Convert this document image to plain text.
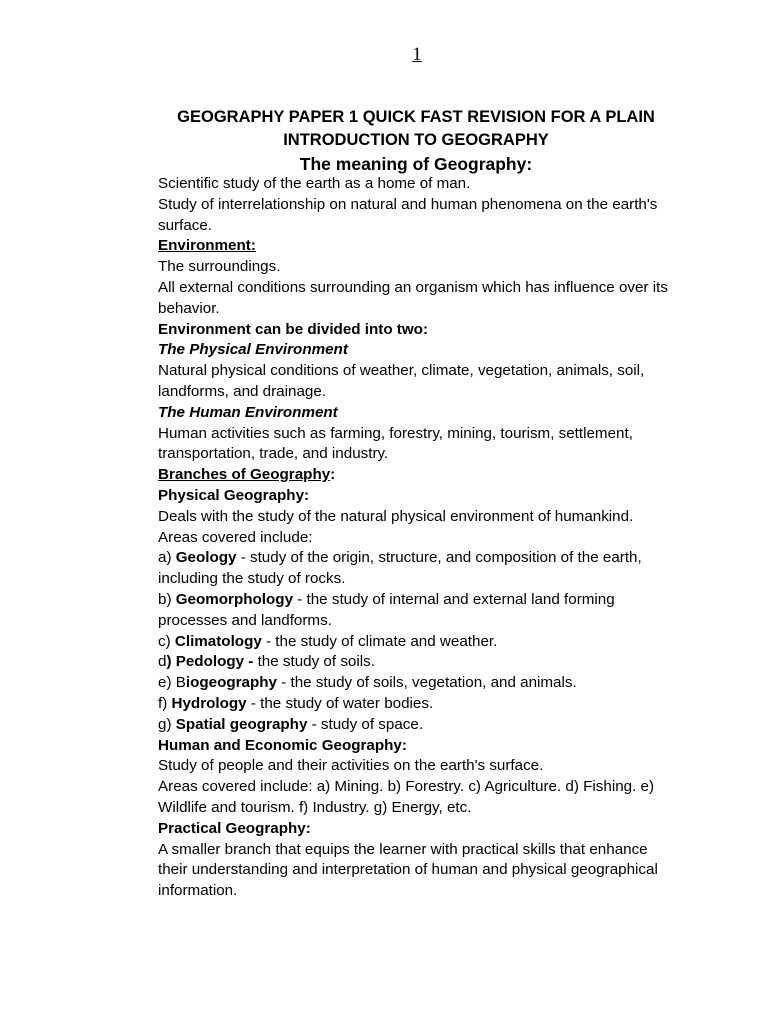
1
GEOGRAPHY PAPER 1 QUICK FAST REVISION FOR A PLAIN
INTRODUCTION TO GEOGRAPHY
The meaning of Geography:

Scientific study of the earth as a home of man.

Study of interrelationship on natural and human phenomena on the earth's surface.

Environment:

The surroundings.

All external conditions surrounding an organism which has influence over its behavior.

Environment can be divided into two:

The Physical Environment

Natural physical conditions of weather, climate, vegetation, animals, soil, landforms, and drainage.

The Human Environment

Human activities such as farming, forestry, mining, tourism, settlement, transportation, trade, and industry.

Branches of Geography:

Physical Geography:

Deals with the study of the natural physical environment of humankind.

Areas covered include:

a) Geology - study of the origin, structure, and composition of the earth, including the study of rocks.

b) Geomorphology - the study of internal and external land forming processes and landforms.

c) Climatology - the study of climate and weather.

d) Pedology - the study of soils.

e) Biogeography - the study of soils, vegetation, and animals.

f) Hydrology - the study of water bodies.

g) Spatial geography - study of space.

Human and Economic Geography:

Study of people and their activities on the earth's surface.

Areas covered include: a) Mining. b) Forestry. c) Agriculture. d) Fishing. e) Wildlife and tourism. f) Industry. g) Energy, etc.

Practical Geography:

A smaller branch that equips the learner with practical skills that enhance their understanding and interpretation of human and physical geographical information.
